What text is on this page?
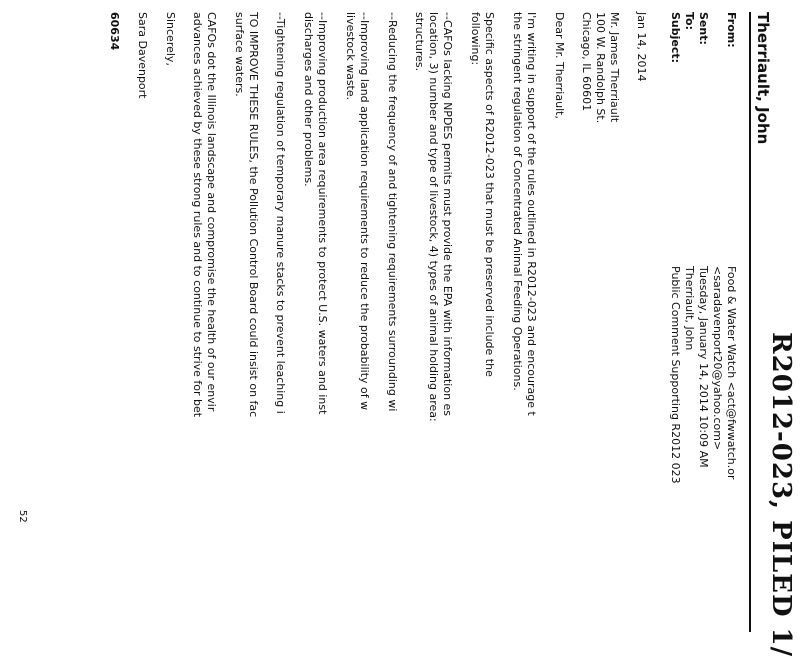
R2012-023, PILED 1/
Therriault, John
From:
Food & Water Watch <act@fwwatch.or
<saradavenport20@yahoo.com>
Sent:
Tuesday, January 14, 2014 10:09 AM
To:
Therriault, John
Subject:
Public Comment Supporting R2012 023
Jan 14, 2014
Mr. James Therriault
100 W. Randolph St.
Chicago, IL 60601
Dear Mr. Therriault,
I'm writing in support of the rules outlined in R2012-023 and encourage t
the stringent regulation of Concentrated Animal Feeding Operations.
Specific aspects of R2012-023 that must be preserved include the
following:
--CAFOs lacking NPDES permits must provide the EPA with information es
location, 3) number and type of livestock, 4) types of animal holding area:
structures.
--Reducing the frequency of and tightening requirements surrounding wi
--Improving land application requirements to reduce the probability of w
livestock waste.
--Improving production area requirements to protect U.S. waters and inst
discharges and other problems.
--Tightening regulation of temporary manure stacks to prevent leaching i
TO IMPROVE THESE RULES, the Pollution Control Board could insist on fac
surface waters.
CAFOs dot the Illinois landscape and compromise the health of our envir
advances achieved by these strong rules and to continue to strive for bet
Sincerely,
Sara Davenport
60634
52
